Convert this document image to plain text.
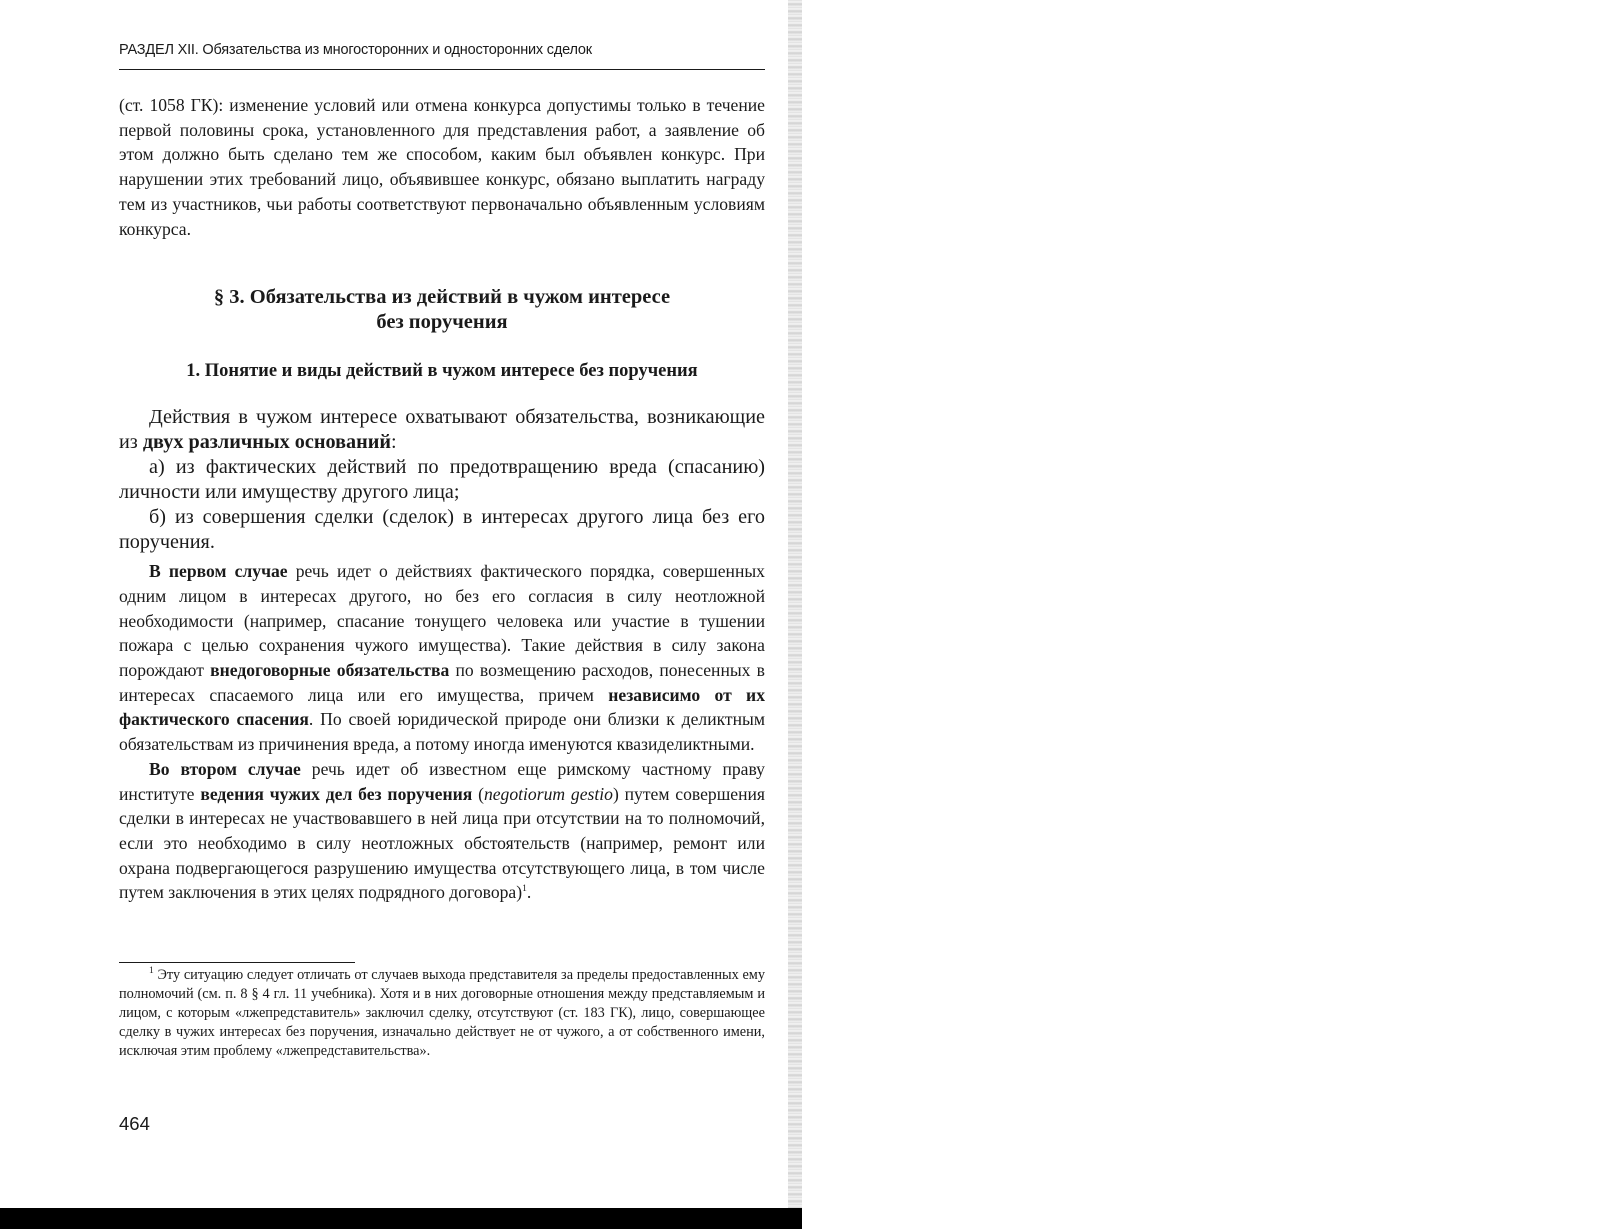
РАЗДЕЛ XII. Обязательства из многосторонних и односторонних сделок

(ст. 1058 ГК): изменение условий или отмена конкурса допустимы только в течение первой половины срока, установленного для представления работ, а заявление об этом должно быть сделано тем же способом, каким был объявлен конкурс. При нарушении этих требований лицо, объявившее конкурс, обязано выплатить награду тем из участников, чьи работы соответствуют первоначально объявленным условиям конкурса.

§ 3. Обязательства из действий в чужом интересе
без поручения
1. Понятие и виды действий в чужом интересе без поручения

Действия в чужом интересе охватывают обязательства, возникающие из двух различных оснований:

а) из фактических действий по предотвращению вреда (спасанию) личности или имуществу другого лица;

б) из совершения сделки (сделок) в интересах другого лица без его поручения.

В первом случае речь идет о действиях фактического порядка, совершенных одним лицом в интересах другого, но без его согласия в силу неотложной необходимости (например, спасание тонущего человека или участие в тушении пожара с целью сохранения чужого имущества). Такие действия в силу закона порождают внедоговорные обязательства по возмещению расходов, понесенных в интересах спасаемого лица или его имущества, причем независимо от их фактического спасения. По своей юридической природе они близки к деликтным обязательствам из причинения вреда, а потому иногда именуются квазиделиктными.

Во втором случае речь идет об известном еще римскому частному праву институте ведения чужих дел без поручения (negotiorum gestio) путем совершения сделки в интересах не участвовавшего в ней лица при отсутствии на то полномочий, если это необходимо в силу неотложных обстоятельств (например, ремонт или охрана подвергающегося разрушению имущества отсутствующего лица, в том числе путем заключения в этих целях подрядного договора)$^1$.

$^1$ Эту ситуацию следует отличать от случаев выхода представителя за пределы предоставленных ему полномочий (см. п. 8 § 4 гл. 11 учебника). Хотя и в них договорные отношения между представляемым и лицом, с которым «лжепредставитель» заключил сделку, отсутствуют (ст. 183 ГК), лицо, совершающее сделку в чужих интересах без поручения, изначально действует не от чужого, а от собственного имени, исключая этим проблему «лжепредставительства».

464
